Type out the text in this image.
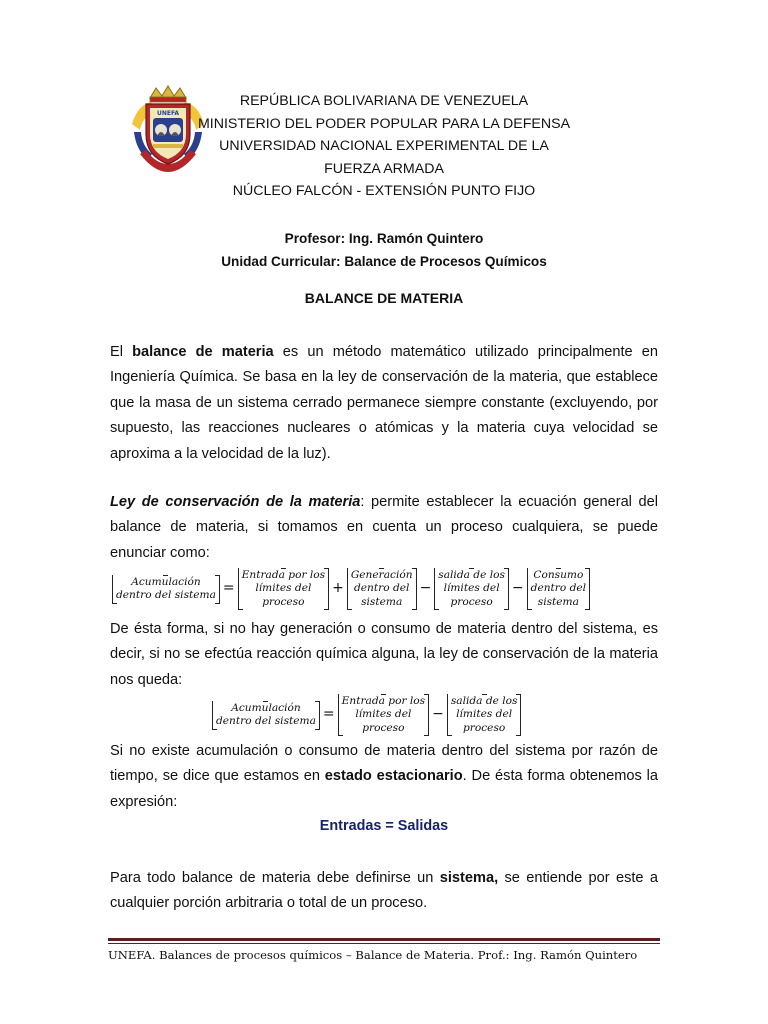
UNEFA
REPÚBLICA BOLIVARIANA DE VENEZUELA
MINISTERIO DEL PODER POPULAR PARA LA DEFENSA
UNIVERSIDAD NACIONAL EXPERIMENTAL DE LA
FUERZA ARMADA
NÚCLEO FALCÓN - EXTENSIÓN PUNTO FIJO
Profesor: Ing. Ramón Quintero
Unidad Curricular: Balance de Procesos Químicos
BALANCE DE MATERIA

El balance de materia es un método matemático utilizado principalmente en Ingeniería Química. Se basa en la ley de conservación de la materia, que establece que la masa de un sistema cerrado permanece siempre constante (excluyendo, por supuesto, las reacciones nucleares o atómicas y la materia cuya velocidad se aproxima a la velocidad de la luz).

Ley de conservación de la materia: permite establecer la ecuación general del balance de materia, si tomamos en cuenta un proceso cualquiera, se puede enunciar como:

Acumulación
dentro del sistema =
Entrada por los
límites del
proceso
+
Generación
dentro del
sistema
−
salida de los
límites del
proceso
−
Consumo
dentro del
sistema

De ésta forma, si no hay generación o consumo de materia dentro del sistema, es decir, si no se efectúa reacción química alguna, la ley de conservación de la materia nos queda:

Acumulación
dentro del sistema =
Entrada por los
límites del
proceso
−
salida de los
límites del
proceso

Si no existe acumulación o consumo de materia dentro del sistema por razón de tiempo, se dice que estamos en estado estacionario. De ésta forma obtenemos la expresión:

Entradas = Salidas

Para todo balance de materia debe definirse un sistema, se entiende por este a cualquier porción arbitraria o total de un proceso.

UNEFA. Balances de procesos químicos – Balance de Materia. Prof.: Ing. Ramón Quintero
